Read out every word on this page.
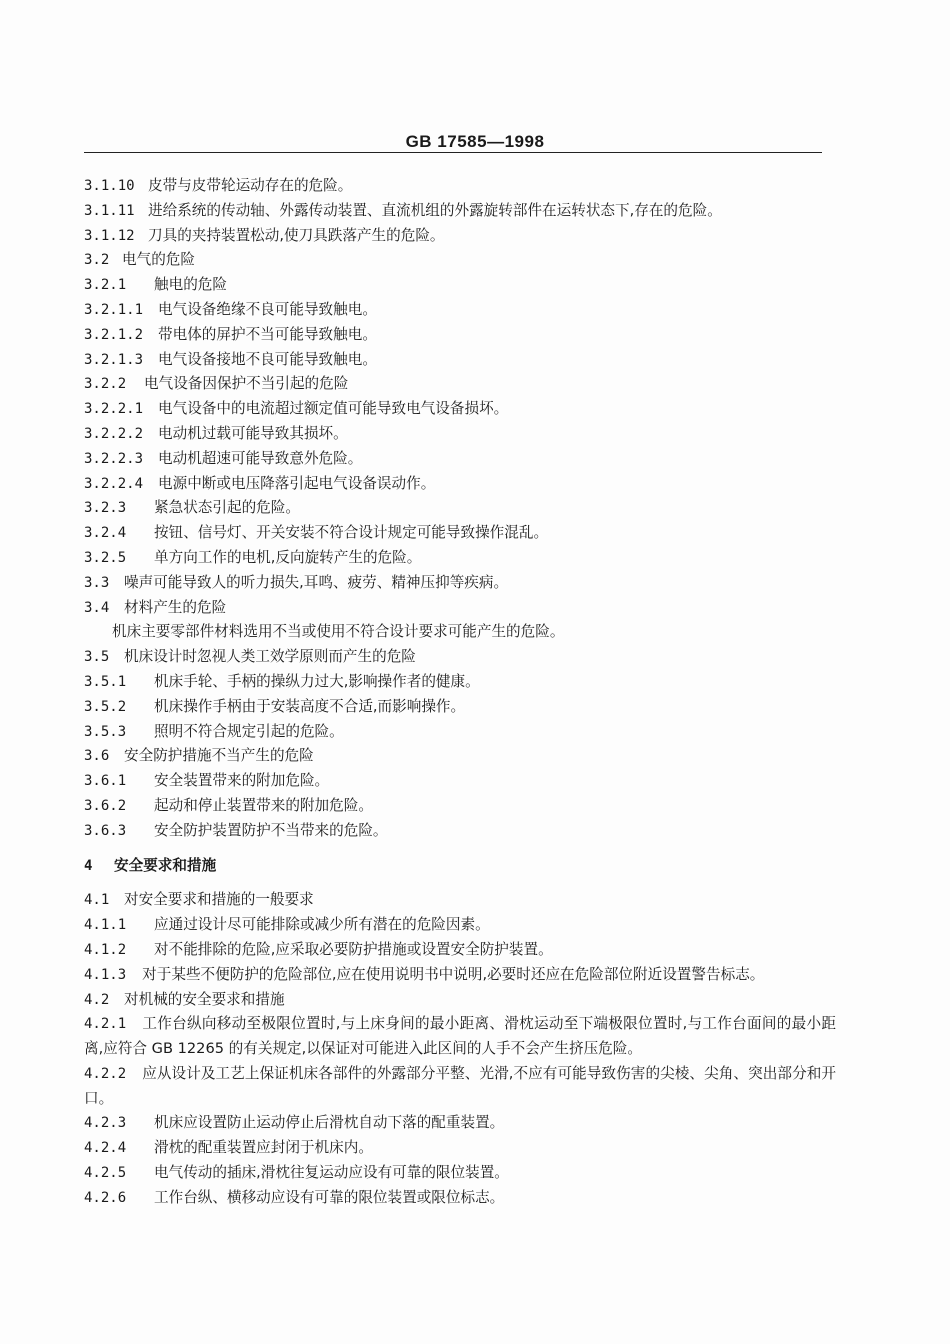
GB 17585—1998
3.1.10 皮带与皮带轮运动存在的危险。
3.1.11 进给系统的传动轴、外露传动装置、直流机组的外露旋转部件在运转状态下,存在的危险。
3.1.12 刀具的夹持装置松动,使刀具跌落产生的危险。
3.2 电气的危险
3.2.1 触电的危险
3.2.1.1 电气设备绝缘不良可能导致触电。
3.2.1.2 带电体的屏护不当可能导致触电。
3.2.1.3 电气设备接地不良可能导致触电。
3.2.2 电气设备因保护不当引起的危险
3.2.2.1 电气设备中的电流超过额定值可能导致电气设备损坏。
3.2.2.2 电动机过载可能导致其损坏。
3.2.2.3 电动机超速可能导致意外危险。
3.2.2.4 电源中断或电压降落引起电气设备误动作。
3.2.3 紧急状态引起的危险。
3.2.4 按钮、信号灯、开关安装不符合设计规定可能导致操作混乱。
3.2.5 单方向工作的电机,反向旋转产生的危险。
3.3 噪声可能导致人的听力损失,耳鸣、疲劳、精神压抑等疾病。
3.4 材料产生的危险
机床主要零部件材料选用不当或使用不符合设计要求可能产生的危险。
3.5 机床设计时忽视人类工效学原则而产生的危险
3.5.1 机床手轮、手柄的操纵力过大,影响操作者的健康。
3.5.2 机床操作手柄由于安装高度不合适,而影响操作。
3.5.3 照明不符合规定引起的危险。
3.6 安全防护措施不当产生的危险
3.6.1 安全装置带来的附加危险。
3.6.2 起动和停止装置带来的附加危险。
3.6.3 安全防护装置防护不当带来的危险。
4 安全要求和措施
4.1 对安全要求和措施的一般要求
4.1.1 应通过设计尽可能排除或减少所有潜在的危险因素。
4.1.2 对不能排除的危险,应采取必要防护措施或设置安全防护装置。
4.1.3 对于某些不便防护的危险部位,应在使用说明书中说明,必要时还应在危险部位附近设置警告标志。
4.2 对机械的安全要求和措施
4.2.1 工作台纵向移动至极限位置时,与上床身间的最小距离、滑枕运动至下端极限位置时,与工作台面间的最小距离,应符合 GB 12265 的有关规定,以保证对可能进入此区间的人手不会产生挤压危险。
4.2.2 应从设计及工艺上保证机床各部件的外露部分平整、光滑,不应有可能导致伤害的尖棱、尖角、突出部分和开口。
4.2.3 机床应设置防止运动停止后滑枕自动下落的配重装置。
4.2.4 滑枕的配重装置应封闭于机床内。
4.2.5 电气传动的插床,滑枕往复运动应设有可靠的限位装置。
4.2.6 工作台纵、横移动应设有可靠的限位装置或限位标志。
